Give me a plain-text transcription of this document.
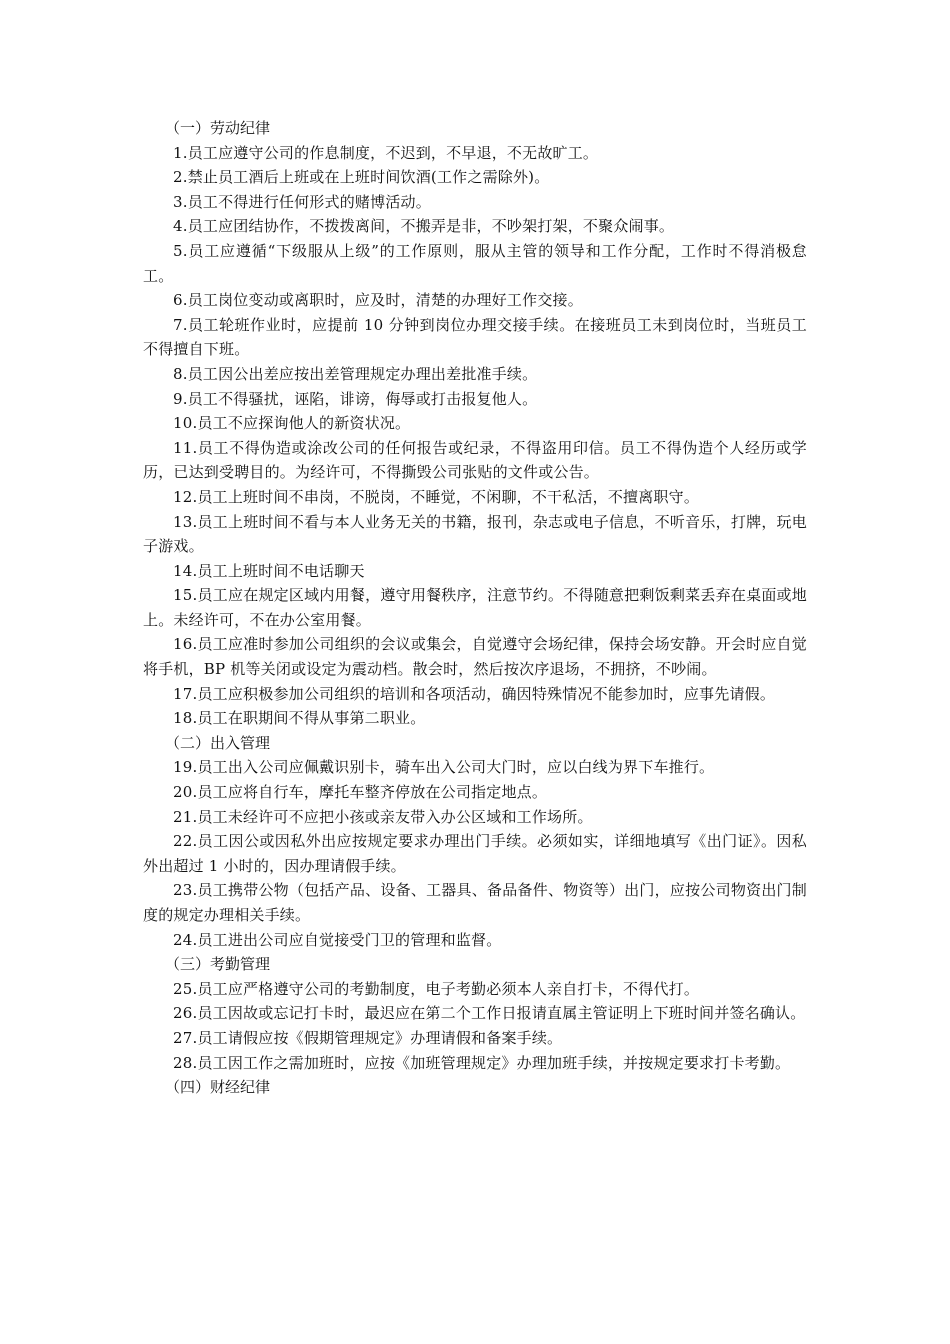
（一）劳动纪律

1.员工应遵守公司的作息制度，不迟到，不早退，不无故旷工。

2.禁止员工酒后上班或在上班时间饮酒(工作之需除外)。

3.员工不得进行任何形式的赌博活动。

4.员工应团结协作，不拨拨离间，不搬弄是非，不吵架打架，不聚众闹事。

5.员工应遵循“下级服从上级”的工作原则，服从主管的领导和工作分配，工作时不得消极怠工。

6.员工岗位变动或离职时，应及时，清楚的办理好工作交接。

7.员工轮班作业时，应提前 10 分钟到岗位办理交接手续。在接班员工未到岗位时，当班员工不得擅自下班。

8.员工因公出差应按出差管理规定办理出差批准手续。

9.员工不得骚扰，诬陷，诽谤，侮辱或打击报复他人。

10.员工不应探询他人的新资状况。

11.员工不得伪造或涂改公司的任何报告或纪录，不得盗用印信。员工不得伪造个人经历或学历，已达到受聘目的。为经许可，不得撕毁公司张贴的文件或公告。

12.员工上班时间不串岗，不脱岗，不睡觉，不闲聊，不干私活，不擅离职守。

13.员工上班时间不看与本人业务无关的书籍，报刊，杂志或电子信息，不听音乐，打牌，玩电子游戏。

14.员工上班时间不电话聊天

15.员工应在规定区域内用餐，遵守用餐秩序，注意节约。不得随意把剩饭剩菜丢弃在桌面或地上。未经许可，不在办公室用餐。

16.员工应准时参加公司组织的会议或集会，自觉遵守会场纪律，保持会场安静。开会时应自觉将手机，BP 机等关闭或设定为震动档。散会时，然后按次序退场，不拥挤，不吵闹。

17.员工应积极参加公司组织的培训和各项活动，确因特殊情况不能参加时，应事先请假。

18.员工在职期间不得从事第二职业。

（二）出入管理

19.员工出入公司应佩戴识别卡，骑车出入公司大门时，应以白线为界下车推行。

20.员工应将自行车，摩托车整齐停放在公司指定地点。

21.员工未经许可不应把小孩或亲友带入办公区域和工作场所。

22.员工因公或因私外出应按规定要求办理出门手续。必须如实，详细地填写《出门证》。因私外出超过 1 小时的，因办理请假手续。

23.员工携带公物（包括产品、设备、工器具、备品备件、物资等）出门，应按公司物资出门制度的规定办理相关手续。

24.员工进出公司应自觉接受门卫的管理和监督。

（三）考勤管理

25.员工应严格遵守公司的考勤制度，电子考勤必须本人亲自打卡，不得代打。

26.员工因故或忘记打卡时，最迟应在第二个工作日报请直属主管证明上下班时间并签名确认。

27.员工请假应按《假期管理规定》办理请假和备案手续。

28.员工因工作之需加班时，应按《加班管理规定》办理加班手续，并按规定要求打卡考勤。

（四）财经纪律
